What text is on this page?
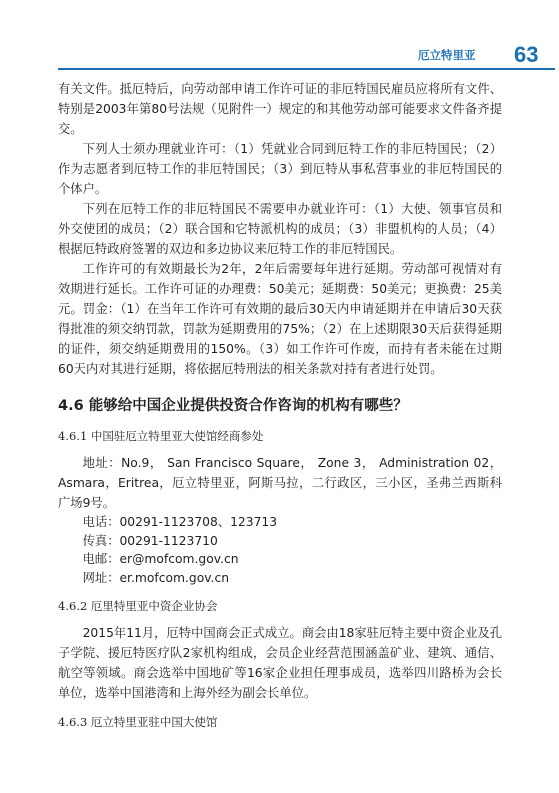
厄立特里亚 63

有关文件。抵厄特后，向劳动部申请工作许可证的非厄特国民雇员应将所有文件、特别是2003年第80号法规（见附件一）规定的和其他劳动部可能要求文件备齐提交。

下列人士须办理就业许可：（1）凭就业合同到厄特工作的非厄特国民；（2）作为志愿者到厄特工作的非厄特国民；（3）到厄特从事私营事业的非厄特国民的个体户。

下列在厄特工作的非厄特国民不需要申办就业许可：（1）大使、领事官员和外交使团的成员；（2）联合国和它特派机构的成员；（3）非盟机构的人员；（4）根据厄特政府签署的双边和多边协议来厄特工作的非厄特国民。

工作许可的有效期最长为2年，2年后需要每年进行延期。劳动部可视情对有效期进行延长。工作许可证的办理费：50美元；延期费：50美元；更换费：25美元。罚金：（1）在当年工作许可有效期的最后30天内申请延期并在申请后30天获得批准的须交纳罚款，罚款为延期费用的75%；（2）在上述期限30天后获得延期的证件，须交纳延期费用的150%。（3）如工作许可作废，而持有者未能在过期60天内对其进行延期，将依据厄特刑法的相关条款对持有者进行处罚。

4.6 能够给中国企业提供投资合作咨询的机构有哪些？
4.6.1 中国驻厄立特里亚大使馆经商参处

地址：No.9， San Francisco Square， Zone 3， Administration 02，Asmara，Eritrea，厄立特里亚，阿斯马拉，二行政区，三小区，圣弗兰西斯科广场9号。

电话：00291-1123708、123713
传真：00291-1123710
电邮：er@mofcom.gov.cn
网址：er.mofcom.gov.cn
4.6.2 厄里特里亚中资企业协会

2015年11月，厄特中国商会正式成立。商会由18家驻厄特主要中资企业及孔子学院、援厄特医疗队2家机构组成，会员企业经营范围涵盖矿业、建筑、通信、航空等领域。商会选举中国地矿等16家企业担任理事成员，选举四川路桥为会长单位，选举中国港湾和上海外经为副会长单位。

4.6.3 厄立特里亚驻中国大使馆
